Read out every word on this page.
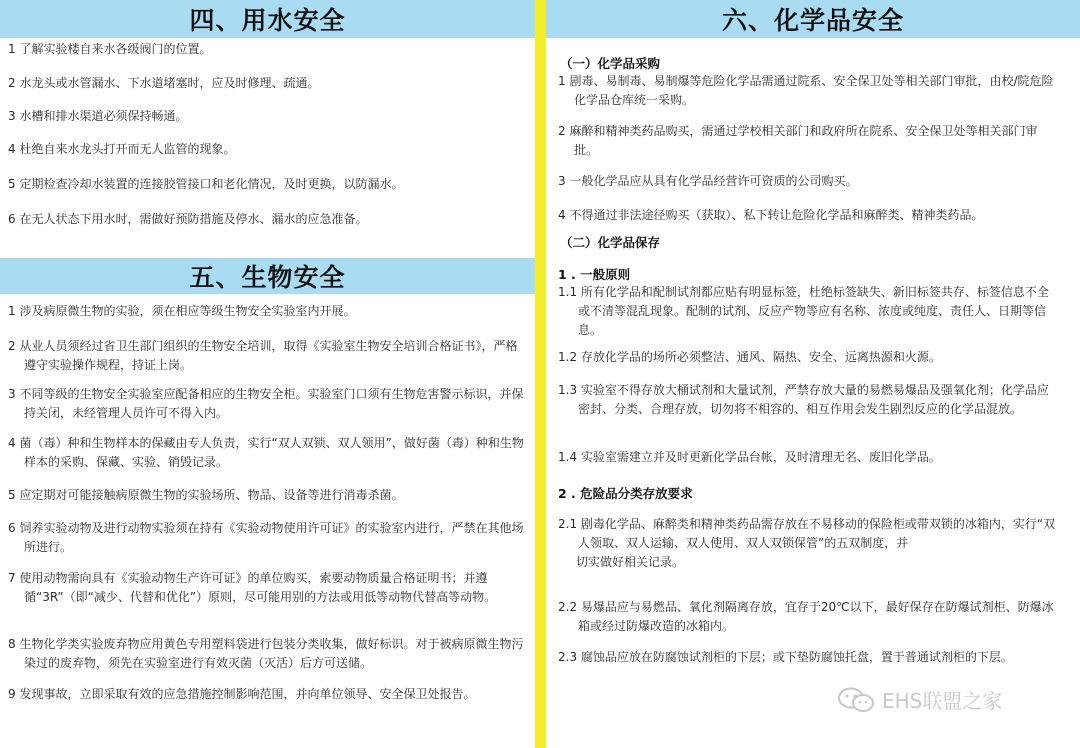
四、用水安全
1 了解实验楼自来水各级阀门的位置。
2 水龙头或水管漏水、下水道堵塞时，应及时修理、疏通。
3 水槽和排水渠道必须保持畅通。
4 杜绝自来水龙头打开而无人监管的现象。
5 定期检查冷却水装置的连接胶管接口和老化情况，及时更换，以防漏水。
6 在无人状态下用水时，需做好预防措施及停水、漏水的应急准备。
五、生物安全
1 涉及病原微生物的实验，须在相应等级生物安全实验室内开展。
2 从业人员须经过省卫生部门组织的生物安全培训，取得《实验室生物安全培训合格证书》，严格遵守实验操作规程，持证上岗。
3 不同等级的生物安全实验室应配备相应的生物安全柜。实验室门口须有生物危害警示标识，并保持关闭，未经管理人员许可不得入内。
4 菌（毒）种和生物样本的保藏由专人负责，实行“双人双锁、双人领用”，做好菌（毒）种和生物样本的采购、保藏、实验、销毁记录。
5 应定期对可能接触病原微生物的实验场所、物品、设备等进行消毒杀菌。
6 饲养实验动物及进行动物实验须在持有《实验动物使用许可证》的实验室内进行，严禁在其他场所进行。
7 使用动物需向具有《实验动物生产许可证》的单位购买，索要动物质量合格证明书；并遵循“3R”（即“减少、代替和优化”）原则，尽可能用别的方法或用低等动物代替高等动物。
8 生物化学类实验废弃物应用黄色专用塑料袋进行包装分类收集，做好标识。对于被病原微生物污染过的废弃物，须先在实验室进行有效灭菌（灭活）后方可送储。
9 发现事故，立即采取有效的应急措施控制影响范围，并向单位领导、安全保卫处报告。
六、化学品安全
（一）化学品采购
1 剧毒、易制毒、易制爆等危险化学品需通过院系、安全保卫处等相关部门审批，由校/院危险化学品仓库统一采购。
2 麻醉和精神类药品购买，需通过学校相关部门和政府所在院系、安全保卫处等相关部门审批。
3 一般化学品应从具有化学品经营许可资质的公司购买。
4 不得通过非法途径购买（获取）、私下转让危险化学品和麻醉类、精神类药品。
（二）化学品保存
1 . 一般原则
1.1 所有化学品和配制试剂都应贴有明显标签，杜绝标签缺失、新旧标签共存、标签信息不全或不清等混乱现象。配制的试剂、反应产物等应有名称、浓度或纯度、责任人、日期等信息。
1.2 存放化学品的场所必须整洁、通风、隔热、安全、远离热源和火源。
1.3 实验室不得存放大桶试剂和大量试剂，严禁存放大量的易燃易爆品及强氧化剂；化学品应密封、分类、合理存放，切勿将不相容的、相互作用会发生剧烈反应的化学品混放。
1.4 实验室需建立并及时更新化学品台帐，及时清理无名、废旧化学品。
2 . 危险品分类存放要求
2.1 剧毒化学品、麻醉类和精神类药品需存放在不易移动的保险柜或带双锁的冰箱内，实行“双人领取、双人运输、双人使用、双人双锁保管”的五双制度，并
切实做好相关记录。
2.2 易爆品应与易燃品、氧化剂隔离存放，宜存于20℃以下，最好保存在防爆试剂柜、防爆冰箱或经过防爆改造的冰箱内。
2.3 腐蚀品应放在防腐蚀试剂柜的下层；或下垫防腐蚀托盘，置于普通试剂柜的下层。
EHS联盟之家
